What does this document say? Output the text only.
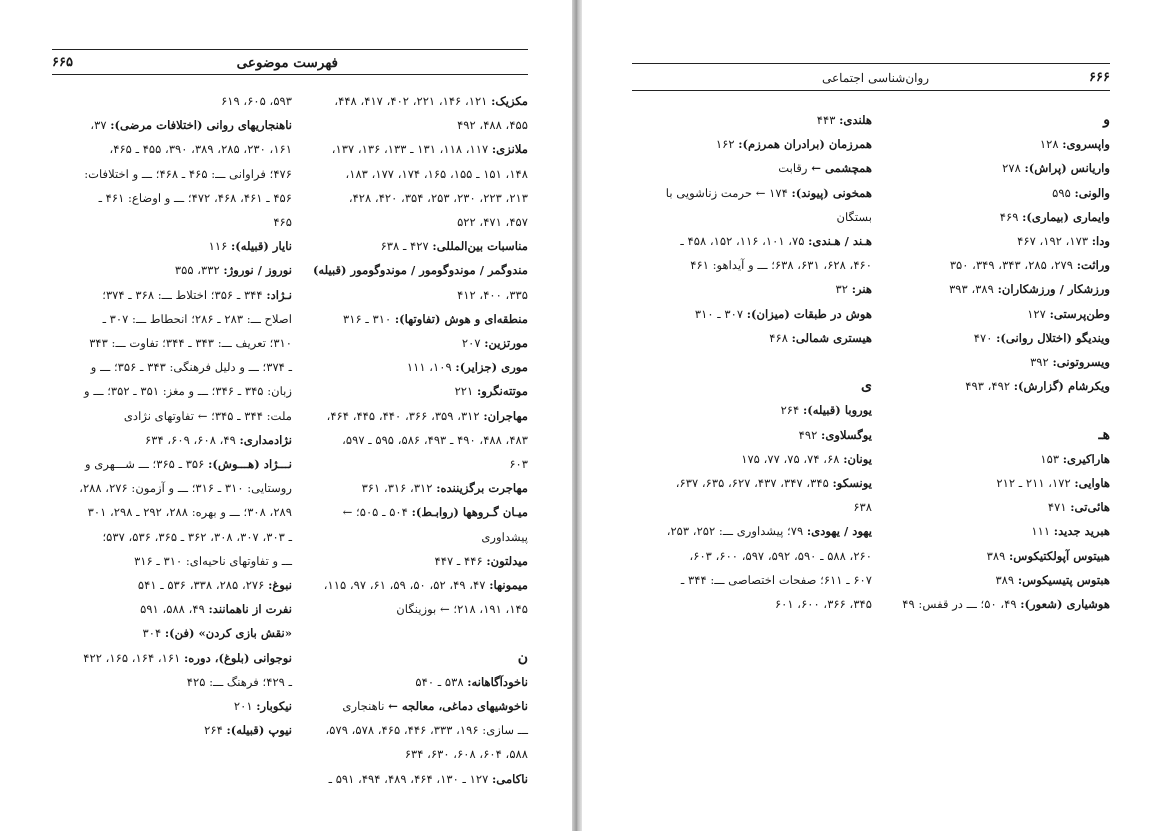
۶۶۵	فهرست موضوعی
مکزیک: ۱۲۱، ۱۴۶، ۲۲۱، ۴۰۲، ۴۱۷، ۴۴۸،
۴۵۵، ۴۸۸، ۴۹۲
ملانزی: ۱۱۷، ۱۱۸، ۱۳۱ ـ ۱۳۳، ۱۳۶، ۱۳۷،
۱۴۸، ۱۵۱ ـ ۱۵۵، ۱۶۵، ۱۷۴، ۱۷۷، ۱۸۳،
۲۱۳، ۲۲۳، ۲۳۰، ۲۵۳، ۳۵۴، ۴۲۰، ۴۲۸،
۴۵۷، ۴۷۱، ۵۲۲
مناسبات بین‌المللی: ۴۲۷ ـ ۶۳۸
مندوگمر / موندوگومور / موندوگومور (قبیله)
۳۳۵، ۴۰۰، ۴۱۲
منطقه‌ای و هوش (تفاوتها): ۳۱۰ ـ ۳۱۶
مورتزین: ۲۰۷
موری (جزایر): ۱۰۹، ۱۱۱
موتته‌نگرو: ۲۲۱
مهاجران: ۳۱۲، ۳۵۹، ۳۶۶، ۴۴۰، ۴۴۵، ۴۶۴،
۴۸۳، ۴۸۸، ۴۹۰ ـ ۴۹۳، ۵۸۶، ۵۹۵ ـ ۵۹۷،
۶۰۳
مهاجرت برگزیننده: ۳۱۲، ۳۱۶، ۳۶۱
میـان گـروهها (روابـط): ۵۰۴ ـ ۵۰۵؛ ←
پیشداوری
میدلتون: ۴۴۶ ـ ۴۴۷
میمونها: ۴۷، ۴۹، ۵۲، ۵۰، ۵۹، ۶۱، ۹۷، ۱۱۵،
۱۴۵، ۱۹۱، ۲۱۸؛ ← بوزینگان
ن
ناخودآگاهانه: ۵۳۸ ـ ۵۴۰
ناخوشیهای دماغی، معالجه ← ناهنجاری
ـــ سازی: ۱۹۶، ۳۳۳، ۴۴۶، ۴۶۵، ۵۷۸، ۵۷۹،
۵۸۸، ۶۰۴، ۶۰۸، ۶۳۰، ۶۳۴
ناکامی: ۱۲۷ ـ ۱۳۰، ۴۶۴، ۴۸۹، ۴۹۴، ۵۹۱ ـ
۵۹۳، ۶۰۵، ۶۱۹
ناهنجاریهای روانی (اختلافات مرضی): ۳۷،
۱۶۱، ۲۳۰، ۲۸۵، ۳۸۹، ۳۹۰، ۴۵۵ ـ ۴۶۵،
۴۷۶؛ فراوانی ـــ: ۴۶۵ ـ ۴۶۸؛ ـــ و اختلافات:
۴۵۶ ـ ۴۶۱، ۴۶۸، ۴۷۲؛ ـــ و اوضاع: ۴۶۱ ـ
۴۶۵
نایار (قبیله): ۱۱۶
نوروز / نوروژ: ۳۳۲، ۳۵۵
نـژاد: ۳۴۴ ـ ۳۵۶؛ اختلاط ـــ: ۳۶۸ ـ ۳۷۴؛
اصلاح ـــ: ۲۸۳ ـ ۲۸۶؛ انحطاط ـــ: ۳۰۷ ـ
۳۱۰؛ تعریف ـــ: ۳۴۳ ـ ۳۴۴؛ تفاوت ـــ: ۳۴۳
ـ ۳۷۴؛ ـــ و دلیل فرهنگی: ۳۴۳ ـ ۳۵۶؛ ـــ و
زبان: ۳۴۵ ـ ۳۴۶؛ ـــ و مغز: ۳۵۱ ـ ۳۵۲؛ ـــ و
ملت: ۳۴۴ ـ ۳۴۵؛ ← تفاوتهای نژادی
نژادمداری: ۴۹، ۶۰۸، ۶۰۹، ۶۳۴
نـــژاد (هـــوش): ۳۵۶ ـ ۳۶۵؛ ـــ شـــهری و
روستایی: ۳۱۰ ـ ۳۱۶؛ ـــ و آزمون: ۲۷۶، ۲۸۸،
۲۸۹، ۳۰۸؛ ـــ و بهره: ۲۸۸، ۲۹۲ ـ ۲۹۸، ۳۰۱
ـ ۳۰۳، ۳۰۷، ۳۰۸، ۳۶۲ ـ ۳۶۵، ۵۳۶، ۵۳۷؛
ـــ و تفاوتهای ناحیه‌ای: ۳۱۰ ـ ۳۱۶
نبوغ: ۲۷۶، ۲۸۵، ۳۳۸، ۵۳۶ ـ ۵۴۱
نفرت از ناهمانند: ۴۹، ۵۸۸، ۵۹۱
«نقش بازی کردن» (فن): ۳۰۴
نوجوانی (بلوغ)، دوره: ۱۶۱، ۱۶۴، ۱۶۵، ۴۲۲
ـ ۴۲۹؛ فرهنگ ـــ: ۴۲۵
نیکوبار: ۲۰۱
نیوپ (قبیله): ۲۶۴
روان‌شناسی اجتماعی	۶۶۶
و
واپسروی: ۱۲۸
واریانس (پراش): ۲۷۸
والونی: ۵۹۵
وایماری (بیماری): ۴۶۹
ودا: ۱۷۳، ۱۹۲، ۴۶۷
وراثت: ۲۷۹، ۲۸۵، ۳۴۳، ۳۴۹، ۳۵۰
ورزشکار / ورزشکاران: ۳۸۹، ۳۹۳
وطن‌پرستی: ۱۲۷
ویندیگو (اختلال روانی): ۴۷۰
ویسروتونی: ۳۹۲
ویکرشام (گزارش): ۴۹۲، ۴۹۳
هـ
هاراکیری: ۱۵۳
هاوایی: ۱۷۲، ۲۱۱ ـ ۲۱۲
هائی‌تی: ۴۷۱
هبرید جدید: ۱۱۱
هبیتوس آپولکتیکوس: ۳۸۹
هبتوس پتیسیکوس: ۳۸۹
هوشیاری (شعور): ۴۹، ۵۰؛ ـــ در قفس: ۴۹
هلندی: ۴۴۳
همرزمان (برادران همرزم): ۱۶۲
همچشمی ← رقابت
همخونی (پیوند): ۱۷۴ ← حرمت زناشویی با
بستگان
هـند / هـندی: ۷۵، ۱۰۱، ۱۱۶، ۱۵۲، ۴۵۸ ـ
۴۶۰، ۶۲۸، ۶۳۱، ۶۳۸؛ ـــ و آیداهو: ۴۶۱
هنر: ۳۲
هوش در طبقات (میزان): ۳۰۷ ـ ۳۱۰
هیستری شمالی: ۴۶۸
ی
یوروبا (قبیله): ۲۶۴
یوگسلاوی: ۴۹۲
یونان: ۶۸، ۷۴، ۷۵، ۷۷، ۱۷۵
یونسکو: ۳۴۵، ۳۴۷، ۴۳۷، ۶۲۷، ۶۳۵، ۶۳۷،
۶۳۸
یهود / یهودی: ۷۹؛ پیشداوری ـــ: ۲۵۲، ۲۵۳،
۲۶۰، ۵۸۸ ـ ۵۹۰، ۵۹۲، ۵۹۷، ۶۰۰، ۶۰۳،
۶۰۷ ـ ۶۱۱؛ صفحات اختصاصی ـــ: ۳۴۴ ـ
۳۴۵، ۳۶۶، ۶۰۰، ۶۰۱
